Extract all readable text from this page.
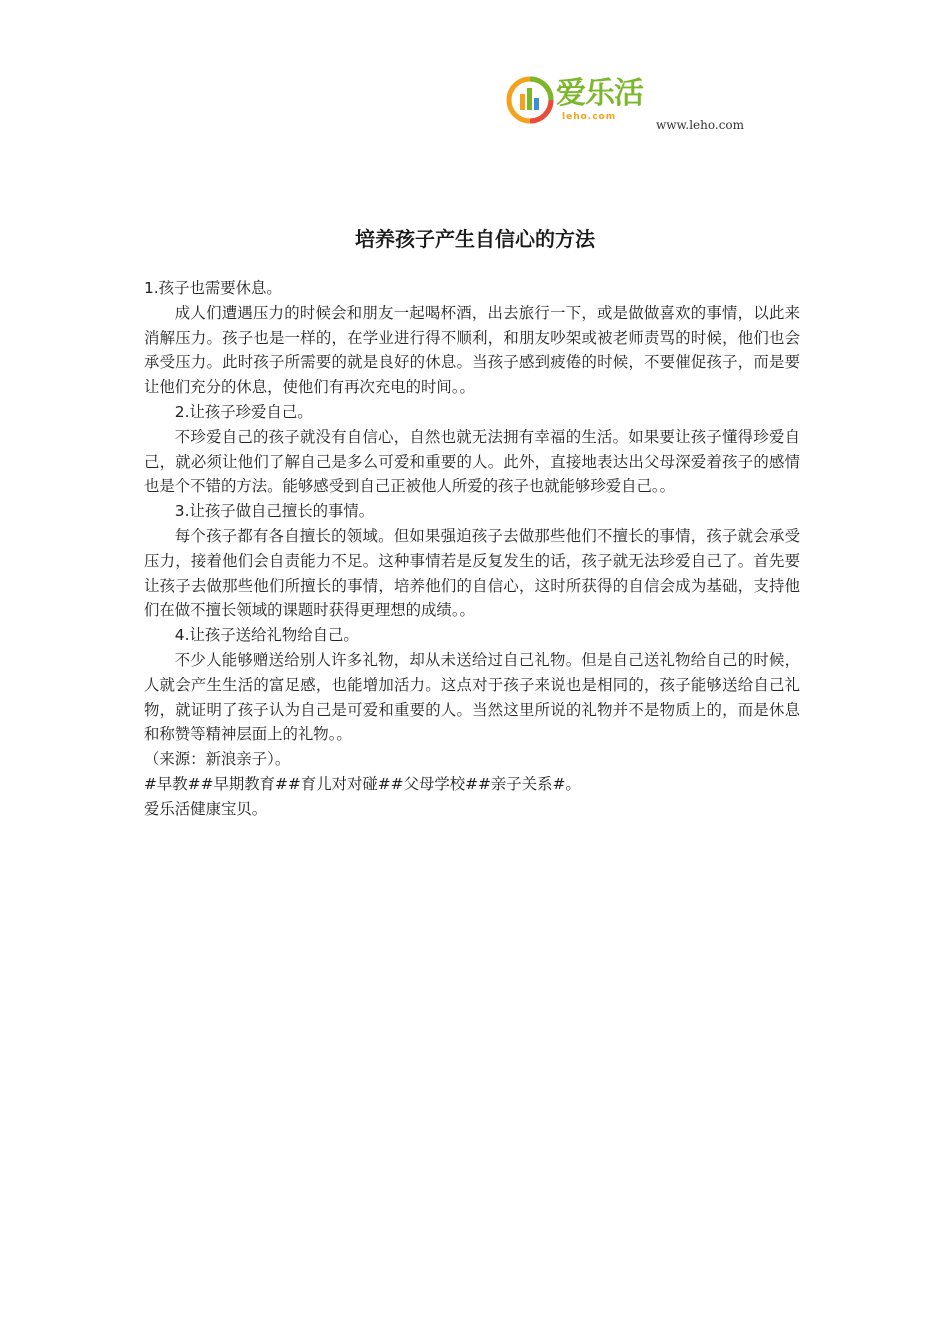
爱乐活
leho.com
www.leho.com
培养孩子产生自信心的方法

1.孩子也需要休息。

成人们遭遇压力的时候会和朋友一起喝杯酒，出去旅行一下，或是做做喜欢的事情，以此来消解压力。孩子也是一样的，在学业进行得不顺利，和朋友吵架或被老师责骂的时候，他们也会承受压力。此时孩子所需要的就是良好的休息。当孩子感到疲倦的时候，不要催促孩子，而是要让他们充分的休息，使他们有再次充电的时间。。

2.让孩子珍爱自己。

不珍爱自己的孩子就没有自信心，自然也就无法拥有幸福的生活。如果要让孩子懂得珍爱自己，就必须让他们了解自己是多么可爱和重要的人。此外，直接地表达出父母深爱着孩子的感情也是个不错的方法。能够感受到自己正被他人所爱的孩子也就能够珍爱自己。。

3.让孩子做自己擅长的事情。

每个孩子都有各自擅长的领域。但如果强迫孩子去做那些他们不擅长的事情，孩子就会承受压力，接着他们会自责能力不足。这种事情若是反复发生的话，孩子就无法珍爱自己了。首先要让孩子去做那些他们所擅长的事情，培养他们的自信心，这时所获得的自信会成为基础，支持他们在做不擅长领域的课题时获得更理想的成绩。。

4.让孩子送给礼物给自己。

不少人能够赠送给别人许多礼物，却从未送给过自己礼物。但是自己送礼物给自己的时候，人就会产生生活的富足感，也能增加活力。这点对于孩子来说也是相同的，孩子能够送给自己礼物，就证明了孩子认为自己是可爱和重要的人。当然这里所说的礼物并不是物质上的，而是休息和称赞等精神层面上的礼物。。

（来源：新浪亲子）。

#早教##早期教育##育儿对对碰##父母学校##亲子关系#。

爱乐活健康宝贝。
